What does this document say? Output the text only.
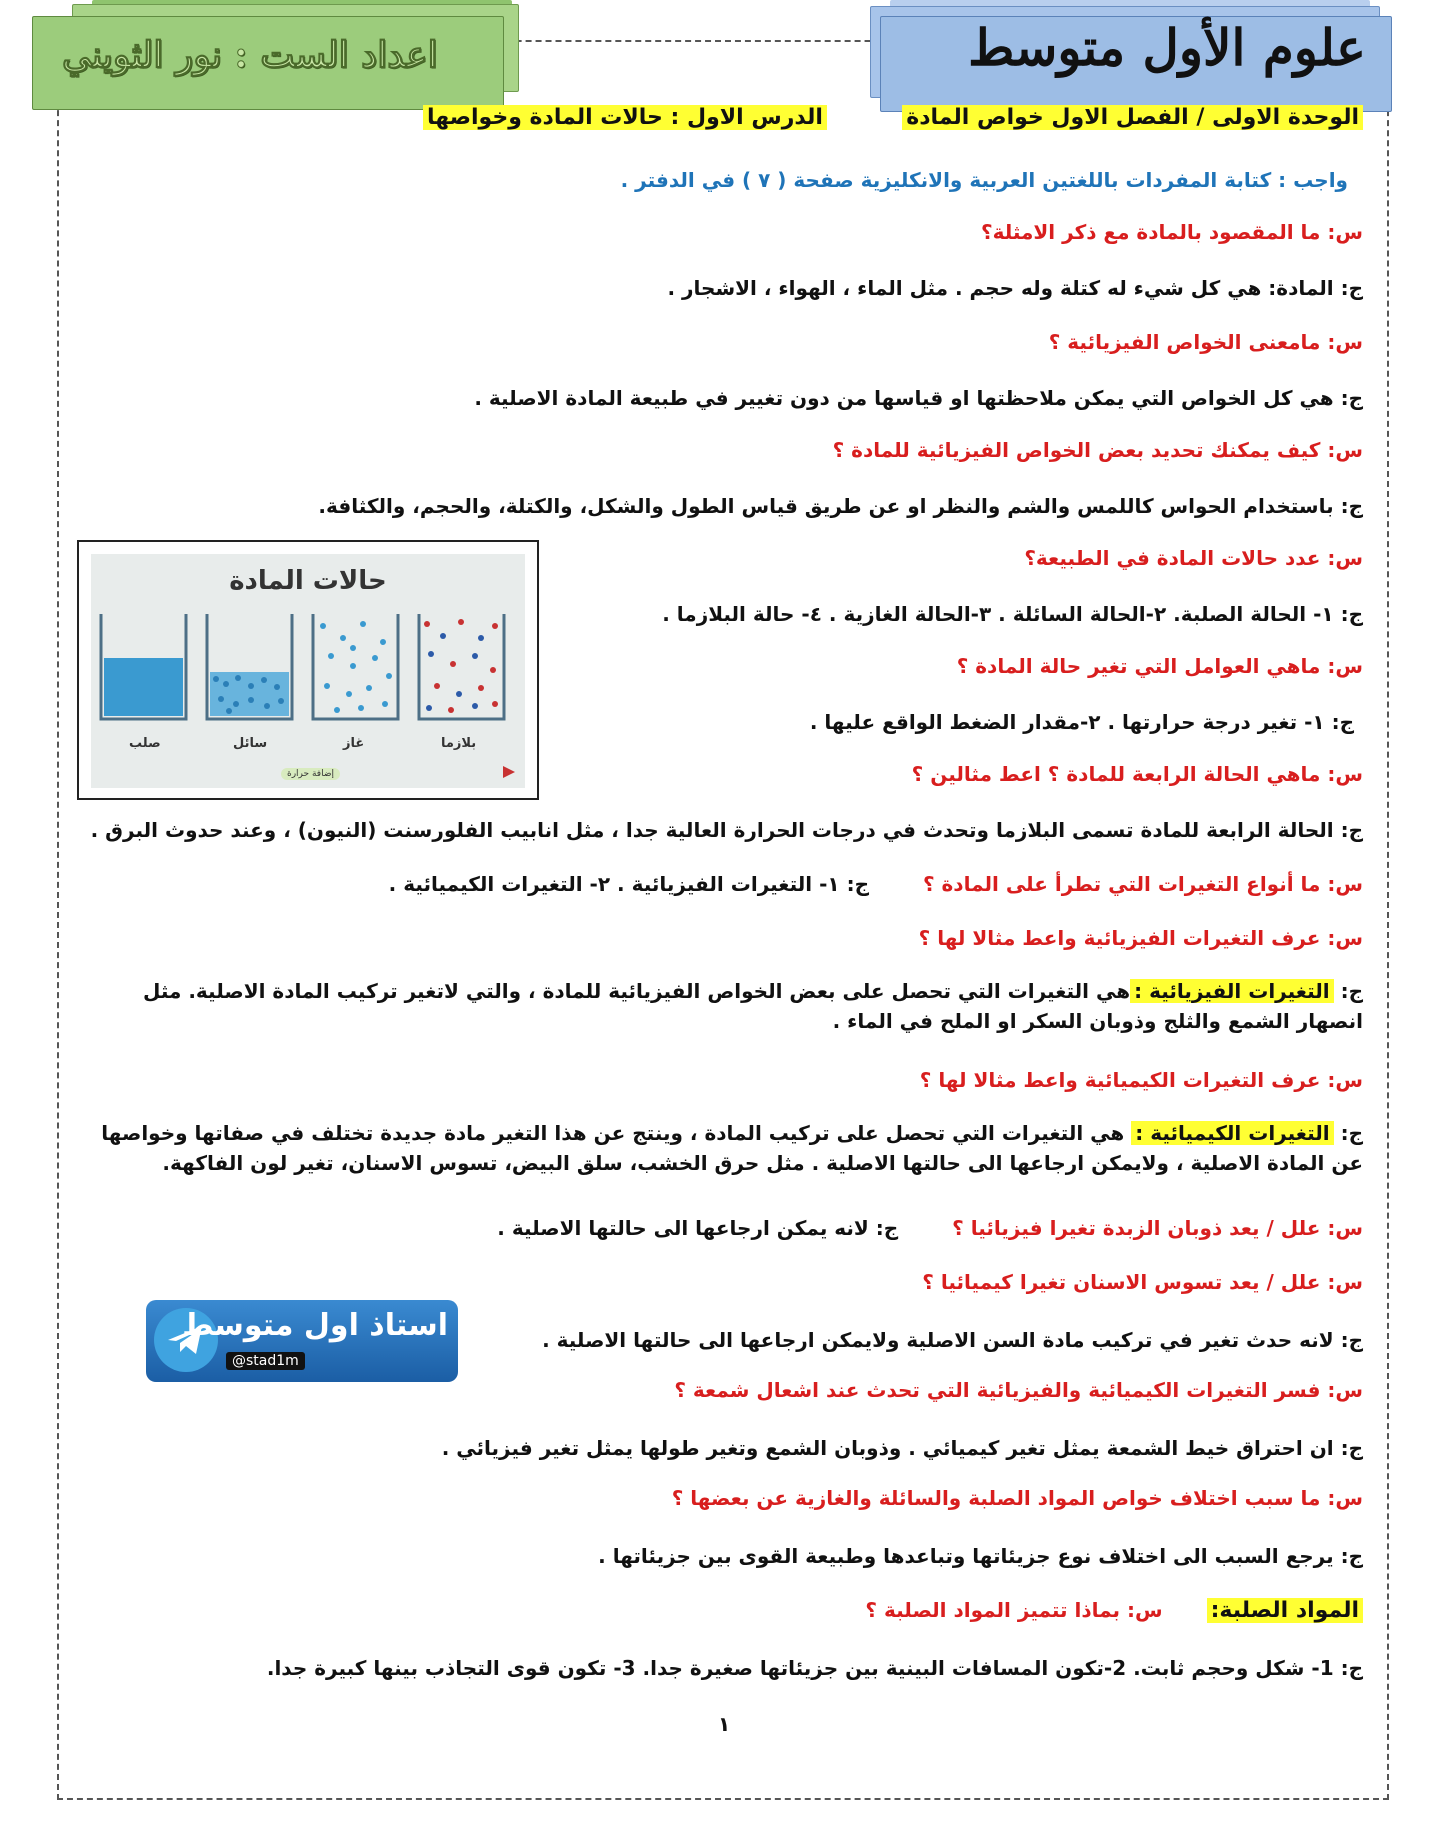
اعداد الست : نور الثويني	علوم الأول متوسط
الوحدة الاولى / الفصل الاول خواص المادة  الدرس الاول : حالات المادة وخواصها
واجب : كتابة المفردات باللغتين العربية والانكليزية صفحة ( ٧ ) في الدفتر .
س: ما المقصود بالمادة مع ذكر الامثلة؟
ج: المادة: هي كل شيء له كتلة وله حجم . مثل الماء ، الهواء ، الاشجار .
س: مامعنى الخواص الفيزيائية ؟
ج: هي كل الخواص التي يمكن ملاحظتها او قياسها من دون تغيير في طبيعة المادة الاصلية .
س: كيف يمكنك تحديد بعض الخواص الفيزيائية للمادة ؟
ج: باستخدام الحواس كاللمس والشم والنظر او عن طريق قياس الطول والشكل، والكتلة، والحجم، والكثافة.
س: عدد حالات المادة في الطبيعة؟
ج: ١- الحالة الصلبة. ٢-الحالة السائلة . ٣-الحالة الغازية . ٤- حالة البلازما .
س: ماهي العوامل التي تغير حالة المادة ؟
ج: ١- تغير درجة حرارتها . ٢-مقدار الضغط الواقع عليها .
س: ماهي الحالة الرابعة للمادة ؟ اعط مثالين ؟
ج: الحالة الرابعة للمادة تسمى البلازما وتحدث في درجات الحرارة العالية جدا ، مثل انابيب الفلورسنت (النيون) ، وعند حدوث البرق .
س: ما أنواع التغيرات التي تطرأ على المادة ؟  ج: ١- التغيرات الفيزيائية . ٢- التغيرات الكيميائية .
س: عرف التغيرات الفيزيائية واعط مثالا لها ؟
ج: التغيرات الفيزيائية :هي التغيرات التي تحصل على بعض الخواص الفيزيائية للمادة ، والتي لاتغير تركيب المادة الاصلية. مثل انصهار الشمع والثلج وذوبان السكر او الملح في الماء .
س: عرف التغيرات الكيميائية واعط مثالا لها ؟
ج: التغيرات الكيميائية : هي التغيرات التي تحصل على تركيب المادة ، وينتج عن هذا التغير مادة جديدة تختلف في صفاتها وخواصها عن المادة الاصلية ، ولايمكن ارجاعها الى حالتها الاصلية . مثل حرق الخشب، سلق البيض، تسوس الاسنان، تغير لون الفاكهة.
س: علل / يعد ذوبان الزبدة تغيرا فيزيائيا ؟  ج: لانه يمكن ارجاعها الى حالتها الاصلية .
س: علل / يعد تسوس الاسنان تغيرا كيميائيا ؟
ج: لانه حدث تغير في تركيب مادة السن الاصلية ولايمكن ارجاعها الى حالتها الاصلية .
س: فسر التغيرات الكيميائية والفيزيائية التي تحدث عند اشعال شمعة ؟
ج: ان احتراق خيط الشمعة يمثل تغير كيميائي . وذوبان الشمع وتغير طولها يمثل تغير فيزيائي .
س: ما سبب اختلاف خواص المواد الصلبة والسائلة والغازية عن بعضها ؟
ج: يرجع السبب الى اختلاف نوع جزيئاتها وتباعدها وطبيعة القوى بين جزيئاتها .
المواد الصلبة:  س: بماذا تتميز المواد الصلبة ؟
ج: 1- شكل وحجم ثابت. 2-تكون المسافات البينية بين جزيئاتها صغيرة جدا. 3- تكون قوى التجاذب بينها كبيرة جدا.
حالات المادة
صلب	سائل	غاز	بلازما
إضافة حرارة
استاذ اول متوسط
@stad1m
١
